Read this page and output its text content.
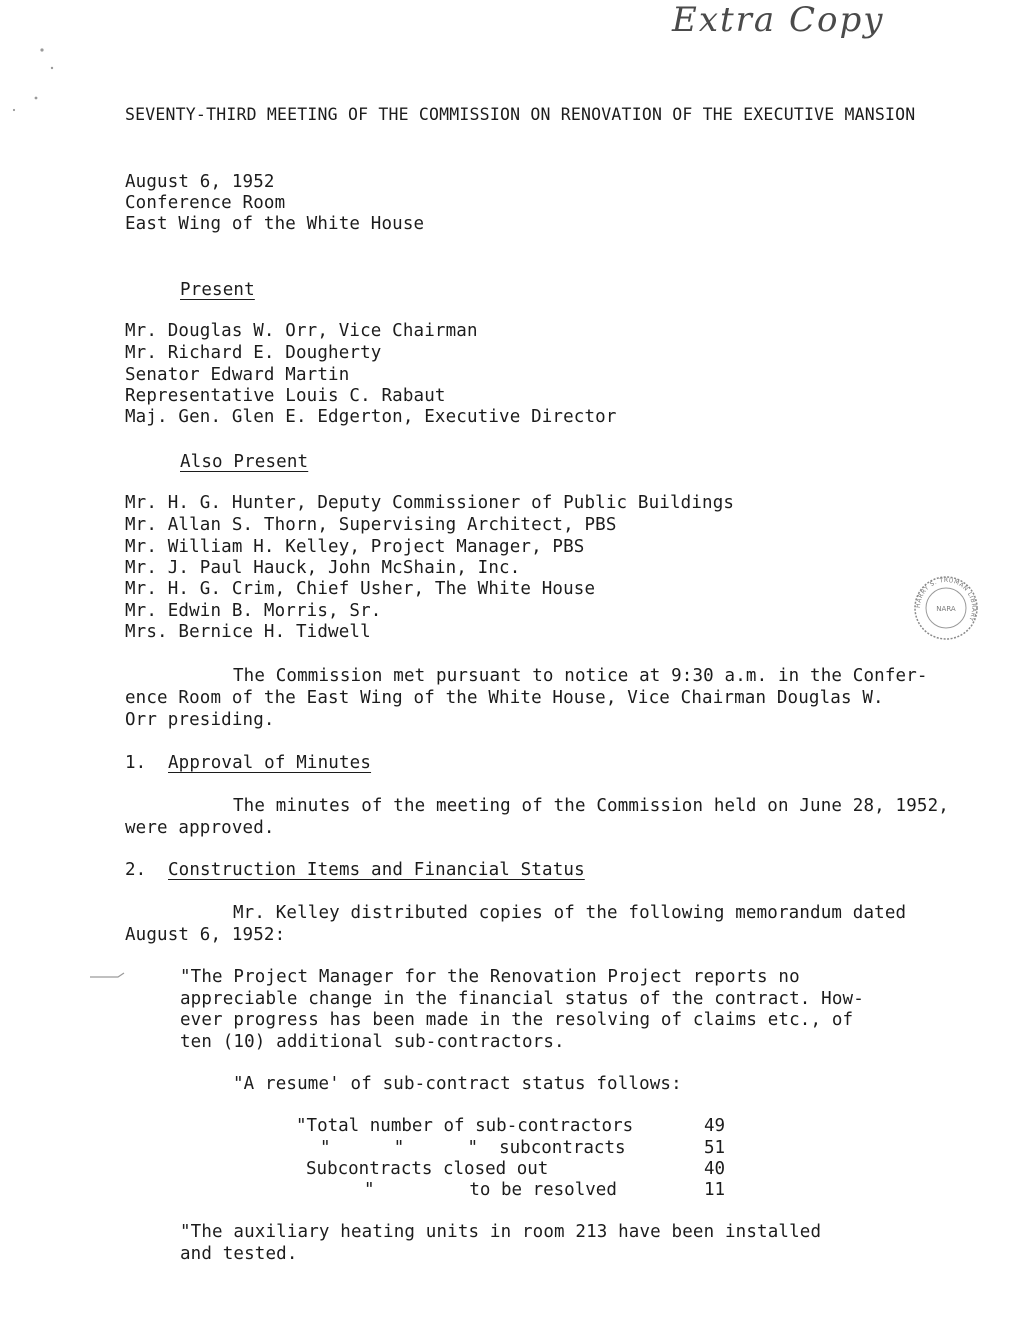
Extra Copy
SEVENTY-THIRD MEETING OF THE COMMISSION ON RENOVATION OF THE EXECUTIVE MANSION
August 6, 1952
Conference Room
East Wing of the White House
Present
Mr. Douglas W. Orr, Vice Chairman
Mr. Richard E. Dougherty
Senator Edward Martin
Representative Louis C. Rabaut
Maj. Gen. Glen E. Edgerton, Executive Director
Also Present
Mr. H. G. Hunter, Deputy Commissioner of Public Buildings
Mr. Allan S. Thorn, Supervising Architect, PBS
Mr. William H. Kelley, Project Manager, PBS
Mr. J. Paul Hauck, John McShain, Inc.
Mr. H. G. Crim, Chief Usher, The White House
Mr. Edwin B. Morris, Sr.
Mrs. Bernice H. Tidwell
HARRY S. TRUMAN LIBRARY
NARA
The Commission met pursuant to notice at 9:30 a.m. in the Confer-
ence Room of the East Wing of the White House, Vice Chairman Douglas W.
Orr presiding.
1. Approval of Minutes
The minutes of the meeting of the Commission held on June 28, 1952,
were approved.
2. Construction Items and Financial Status
Mr. Kelley distributed copies of the following memorandum dated
August 6, 1952:
"The Project Manager for the Renovation Project reports no
appreciable change in the financial status of the contract. How-
ever progress has been made in the resolving of claims etc., of
ten (10) additional sub-contractors.
"A resume' of sub-contract status follows:
"Total number of sub-contractors	49
"      "      "  subcontracts	51
Subcontracts closed out	40
"         to be resolved	11
"The auxiliary heating units in room 213 have been installed
and tested.
